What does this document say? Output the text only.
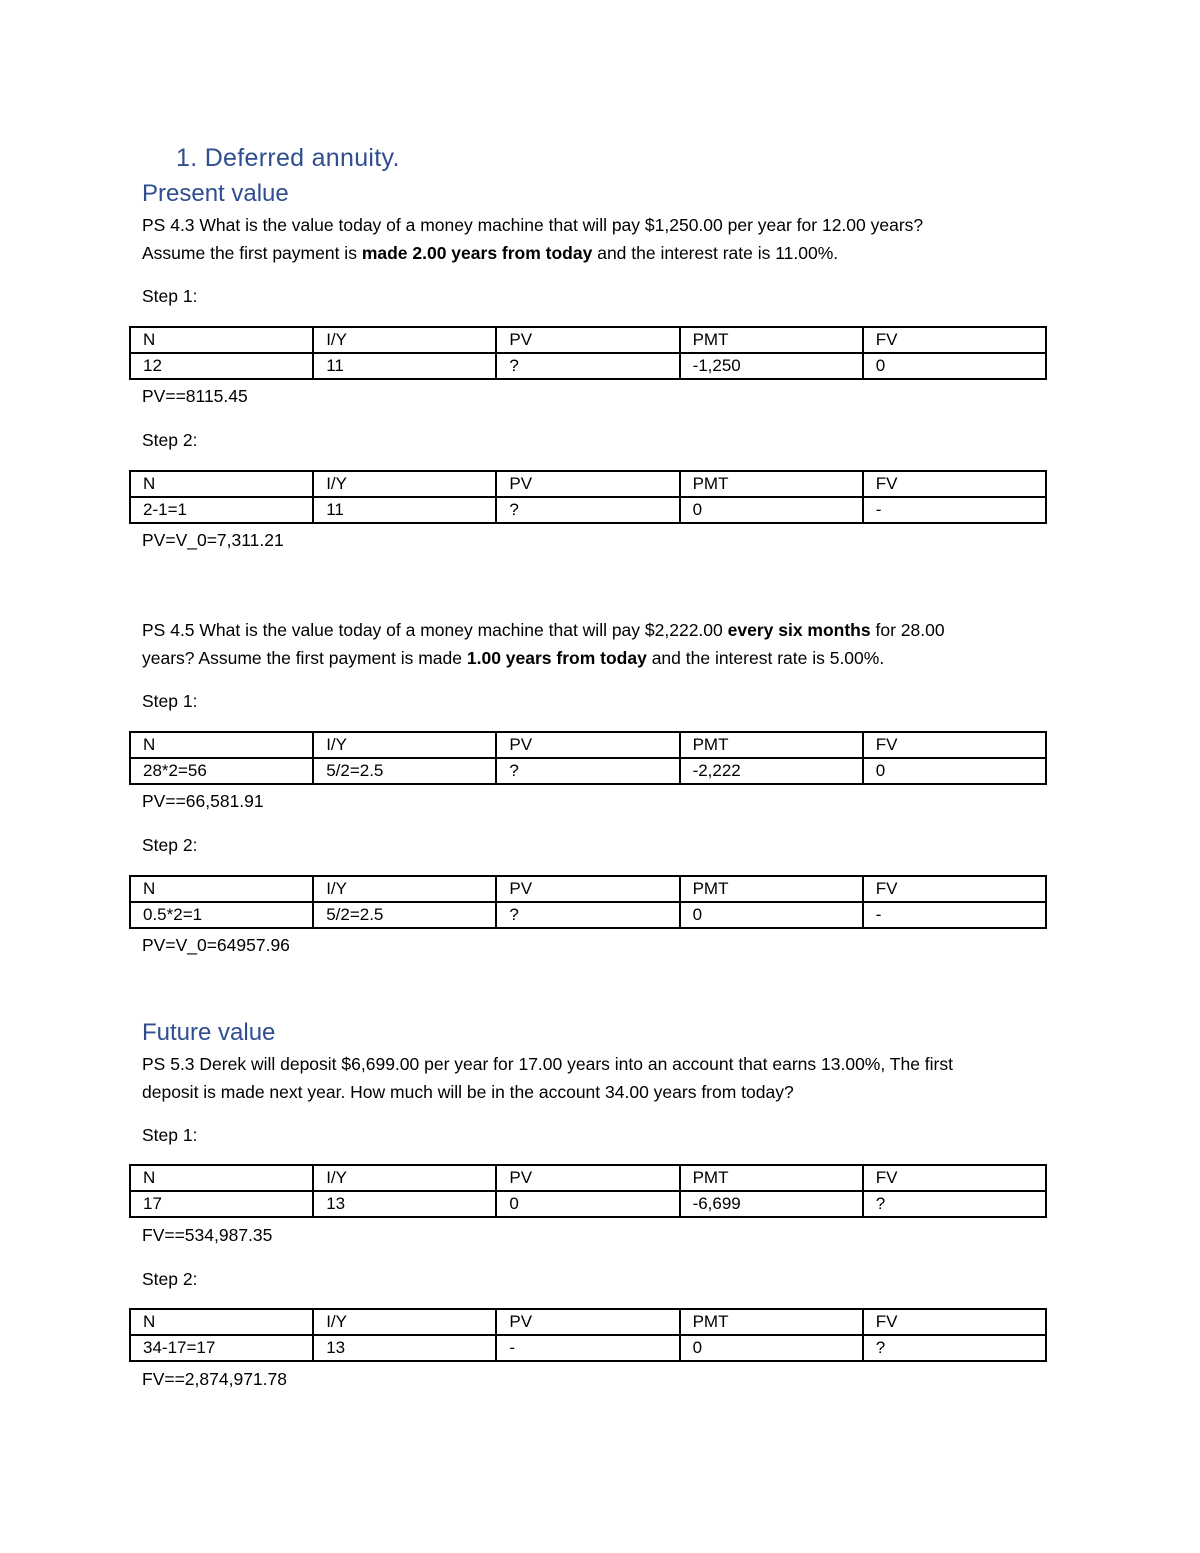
1. Deferred annuity.
Present value
PS 4.3 What is the value today of a money machine that will pay $1,250.00 per year for 12.00 years?
Assume the first payment is made 2.00 years from today and the interest rate is 11.00%.
Step 1:
N	I/Y	PV	PMT	FV
12	11	?	-1,250	0
PV==8115.45
Step 2:
N	I/Y	PV	PMT	FV
2-1=1	11	?	0	-
PV=V_0=7,311.21
PS 4.5 What is the value today of a money machine that will pay $2,222.00 every six months for 28.00
years? Assume the first payment is made 1.00 years from today and the interest rate is 5.00%.
Step 1:
N	I/Y	PV	PMT	FV
28*2=56	5/2=2.5	?	-2,222	0
PV==66,581.91
Step 2:
N	I/Y	PV	PMT	FV
0.5*2=1	5/2=2.5	?	0	-
PV=V_0=64957.96
Future value
PS 5.3 Derek will deposit $6,699.00 per year for 17.00 years into an account that earns 13.00%, The first
deposit is made next year. How much will be in the account 34.00 years from today?
Step 1:
N	I/Y	PV	PMT	FV
17	13	0	-6,699	?
FV==534,987.35
Step 2:
N	I/Y	PV	PMT	FV
34-17=17	13	-	0	?
FV==2,874,971.78
